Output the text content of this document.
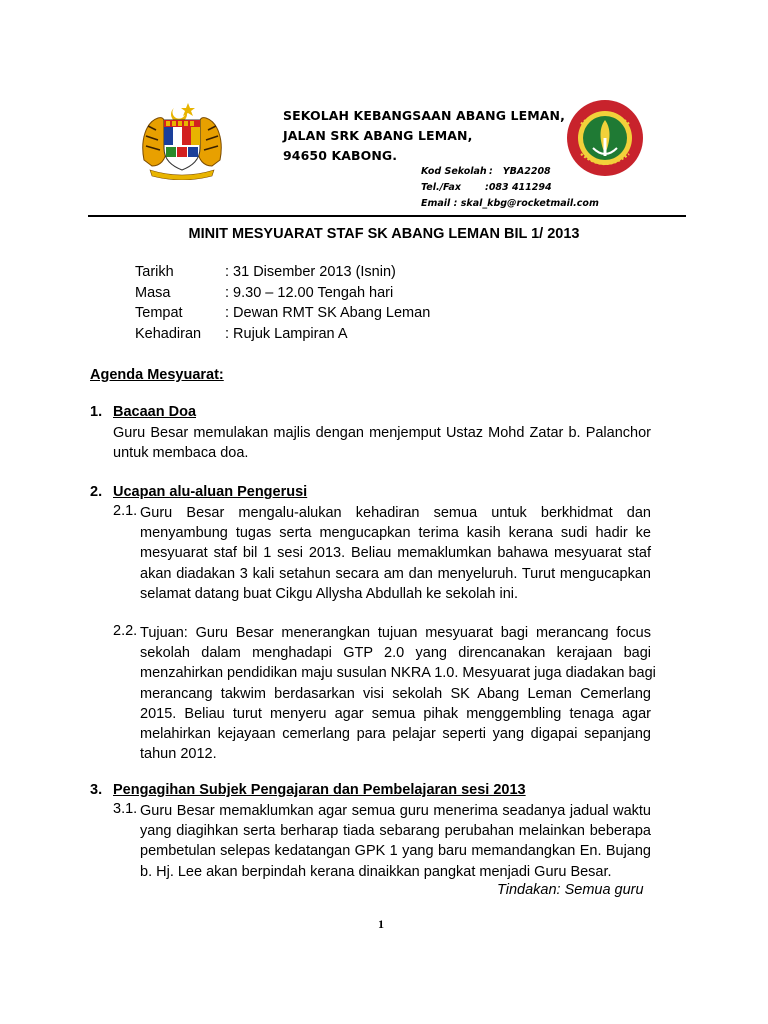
SEKOLAH KEBANGSAAN ABANG LEMAN,
JALAN SRK ABANG LEMAN,
94650 KABONG.
Kod Sekolah : YBA2208
Tel./Fax	:083 411294
Email : skal_kbg@rocketmail.com
MINIT MESYUARAT STAF SK ABANG LEMAN BIL 1/ 2013
Tarikh	: 31 Disember 2013 (Isnin)
Masa	: 9.30 – 12.00 Tengah hari
Tempat	: Dewan RMT SK Abang Leman
Kehadiran : Rujuk Lampiran A
Agenda Mesyuarat:
1. Bacaan Doa
Guru Besar memulakan majlis dengan menjemput Ustaz Mohd Zatar b. Palanchor
untuk membaca doa.
2. Ucapan alu-aluan Pengerusi
2.1. Guru Besar mengalu-alukan kehadiran semua untuk berkhidmat dan
menyambung tugas serta mengucapkan terima kasih kerana sudi hadir ke
mesyuarat staf bil 1 sesi 2013. Beliau memaklumkan bahawa mesyuarat staf
akan diadakan 3 kali setahun secara am dan menyeluruh. Turut mengucapkan
selamat datang buat Cikgu Allysha Abdullah ke sekolah ini.
2.2. Tujuan: Guru Besar menerangkan tujuan mesyuarat bagi merancang focus
sekolah dalam menghadapi GTP 2.0 yang direncanakan kerajaan bagi
menzahirkan pendidikan maju susulan NKRA 1.0. Mesyuarat juga diadakan bagi
merancang takwim berdasarkan visi sekolah SK Abang Leman Cemerlang
2015. Beliau turut menyeru agar semua pihak menggembling tenaga agar
melahirkan kejayaan cemerlang para pelajar seperti yang digapai sepanjang
tahun 2012.
3. Pengagihan Subjek Pengajaran dan Pembelajaran sesi 2013
3.1. Guru Besar memaklumkan agar semua guru menerima seadanya jadual waktu
yang diagihkan serta berharap tiada sebarang perubahan melainkan beberapa
pembetulan selepas kedatangan GPK 1 yang baru memandangkan En. Bujang
b. Hj. Lee akan berpindah kerana dinaikkan pangkat menjadi Guru Besar.
Tindakan: Semua guru
1
